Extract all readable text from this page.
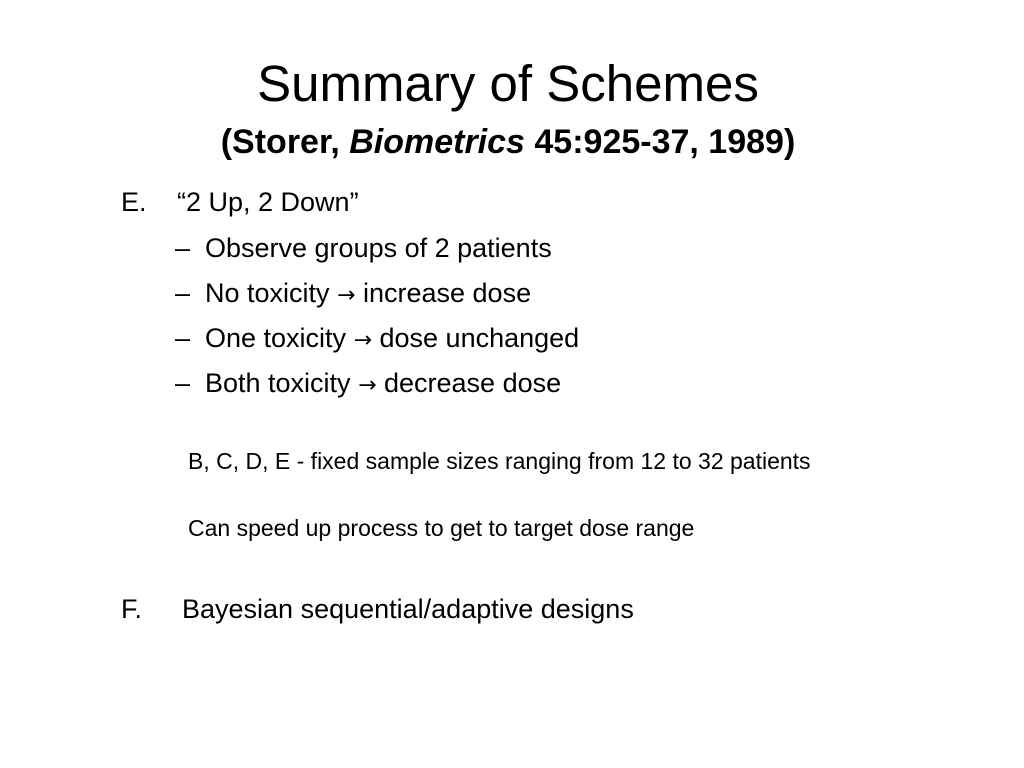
Summary of Schemes
(Storer, Biometrics 45:925-37, 1989)
E. “2 Up, 2 Down”
– Observe groups of 2 patients
– No toxicity → increase dose
– One toxicity → dose unchanged
– Both toxicity → decrease dose
B, C, D, E - fixed sample sizes ranging from 12 to 32 patients
Can speed up process to get to target dose range
F. Bayesian sequential/adaptive designs
